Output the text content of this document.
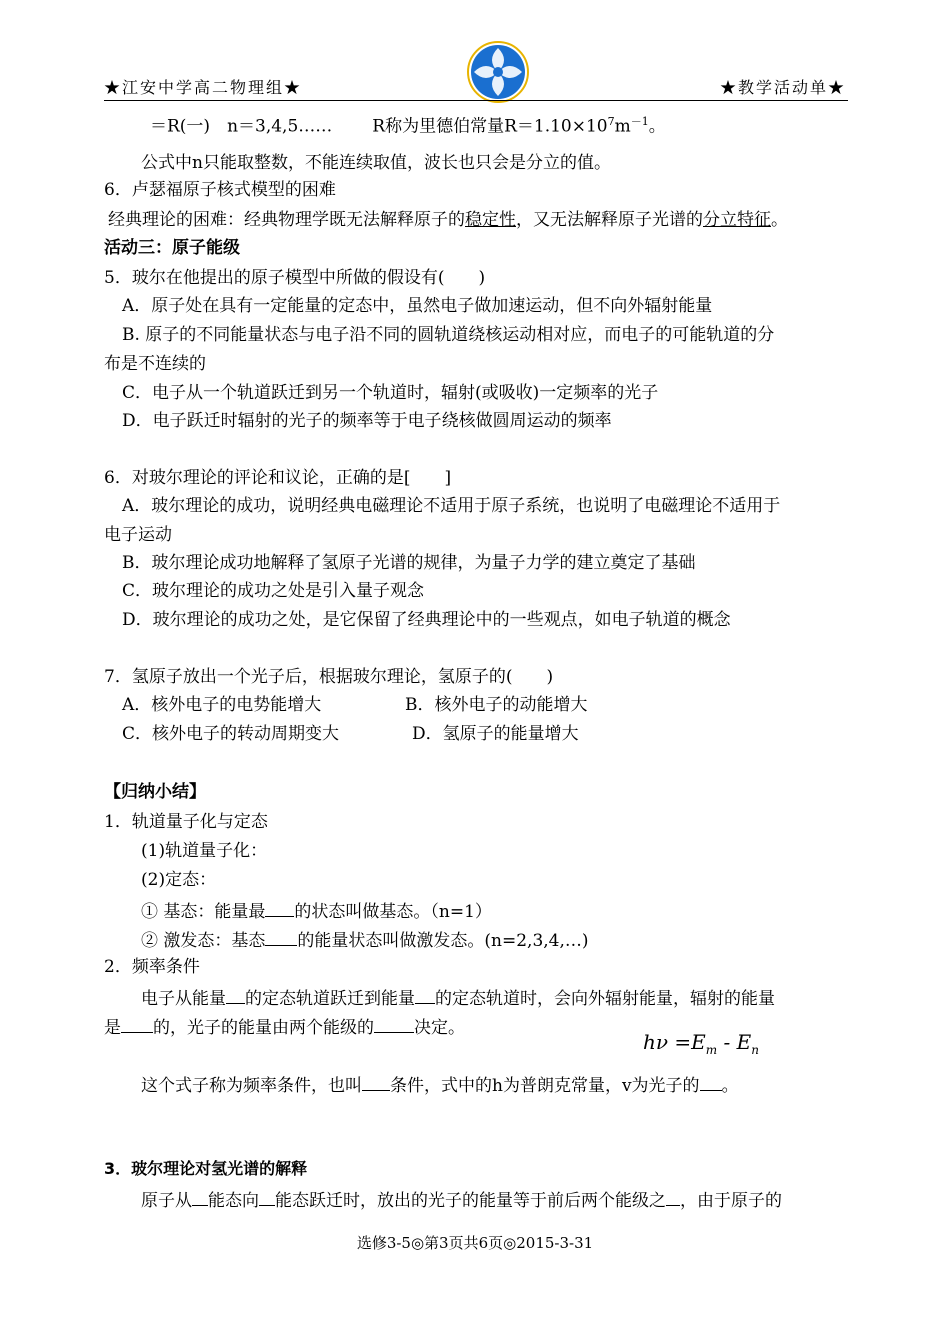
★江安中学高二物理组★	★教学活动单★
＝R(一)　n＝3,4,5…… R称为里德伯常量$R=1.10\times 10^7m^{-1}$。
公式中n只能取整数，不能连续取值，波长也只会是分立的值。
6．卢瑟福原子核式模型的困难
经典理论的困难：经典物理学既无法解释原子的稳定性，又无法解释原子光谱的分立特征。
活动三：原子能级
5．玻尔在他提出的原子模型中所做的假设有(　　)
A．原子处在具有一定能量的定态中，虽然电子做加速运动，但不向外辐射能量
B. 原子的不同能量状态与电子沿不同的圆轨道绕核运动相对应，而电子的可能轨道的分
布是不连续的
C．电子从一个轨道跃迁到另一个轨道时，辐射(或吸收)一定频率的光子
D．电子跃迁时辐射的光子的频率等于电子绕核做圆周运动的频率
6．对玻尔理论的评论和议论，正确的是[　　]
A．玻尔理论的成功，说明经典电磁理论不适用于原子系统，也说明了电磁理论不适用于
电子运动
B．玻尔理论成功地解释了氢原子光谱的规律，为量子力学的建立奠定了基础
C．玻尔理论的成功之处是引入量子观念
D．玻尔理论的成功之处，是它保留了经典理论中的一些观点，如电子轨道的概念
7．氢原子放出一个光子后，根据玻尔理论，氢原子的(　　)
A．核外电子的电势能增大	B．核外电子的动能增大
C．核外电子的转动周期变大	D．氢原子的能量增大
【归纳小结】
1．轨道量子化与定态
(1)轨道量子化：
(2)定态：
① 基态：能量最 的状态叫做基态。（n=1）
② 激发态：基态 的能量状态叫做激发态。(n=2,3,4,…)
2．频率条件
电子从能量 的定态轨道跃迁到能量 的定态轨道时，会向外辐射能量，辐射的能量
是 的，光子的能量由两个能级的 决定。
$h\nu =E_m - E_n$
这个式子称为频率条件，也叫 条件，式中的h为普朗克常量，v为光子的 。
3．玻尔理论对氢光谱的解释
原子从 能态向 能态跃迁时，放出的光子的能量等于前后两个能级之 ，由于原子的
选修3-5◎第3页共6页◎2015-3-31
